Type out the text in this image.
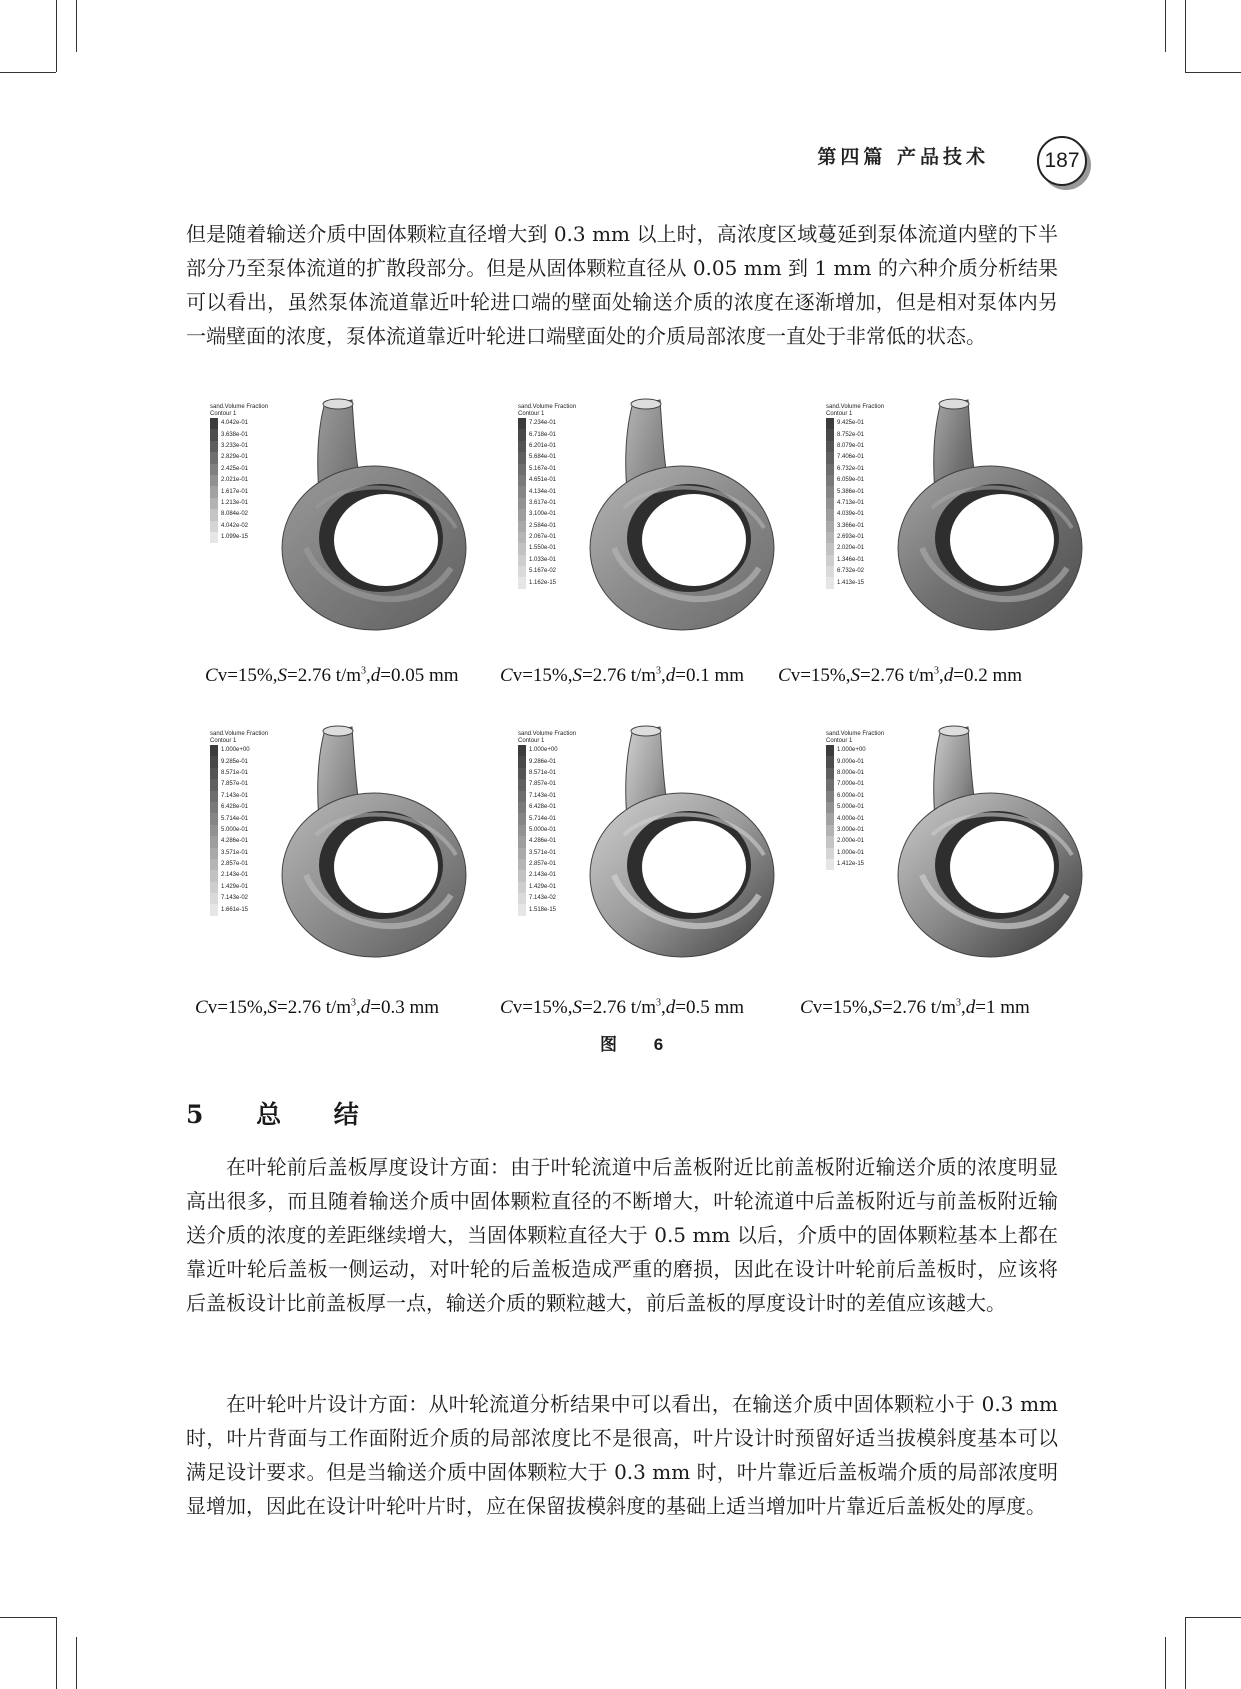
第四篇 产品技术	187

但是随着输送介质中固体颗粒直径增大到 0.3 mm 以上时，高浓度区域蔓延到泵体流道内壁的下半部分乃至泵体流道的扩散段部分。但是从固体颗粒直径从 0.05 mm 到 1 mm 的六种介质分析结果可以看出，虽然泵体流道靠近叶轮进口端的壁面处输送介质的浓度在逐渐增加，但是相对泵体内另一端壁面的浓度，泵体流道靠近叶轮进口端壁面处的介质局部浓度一直处于非常低的状态。

sand.Volume Fraction
Contour 1
4.042e-01
3.638e-01
3.233e-01
2.829e-01
2.425e-01
2.021e-01
1.617e-01
1.213e-01
8.084e-02
4.042e-02
1.099e-15
Cv=15%,S=2.76 $t/m^3,d=0.05$ mm
sand.Volume Fraction
Contour 1
7.234e-01
6.718e-01
6.201e-01
5.684e-01
5.167e-01
4.651e-01
4.134e-01
3.617e-01
3.100e-01
2.584e-01
2.067e-01
1.550e-01
1.033e-01
5.167e-02
1.162e-15
Cv=15%,S=2.76 $t/m^3,d=0.1$ mm
sand.Volume Fraction
Contour 1
9.425e-01
8.752e-01
8.079e-01
7.406e-01
6.732e-01
6.059e-01
5.386e-01
4.713e-01
4.039e-01
3.366e-01
2.693e-01
2.020e-01
1.346e-01
6.732e-02
1.413e-15
Cv=15%,S=2.76 $t/m^3,d=0.2$ mm
sand.Volume Fraction
Contour 1
1.000e+00
9.285e-01
8.571e-01
7.857e-01
7.143e-01
6.428e-01
5.714e-01
5.000e-01
4.286e-01
3.571e-01
2.857e-01
2.143e-01
1.429e-01
7.143e-02
1.661e-15
Cv=15%,S=2.76 $t/m^3,d=0.3$ mm
sand.Volume Fraction
Contour 1
1.000e+00
9.286e-01
8.571e-01
7.857e-01
7.143e-01
6.428e-01
5.714e-01
5.000e-01
4.286e-01
3.571e-01
2.857e-01
2.143e-01
1.429e-01
7.143e-02
1.518e-15
Cv=15%,S=2.76 $t/m^3,d=0.5$ mm
sand.Volume Fraction
Contour 1
1.000e+00
9.000e-01
8.000e-01
7.000e-01
6.000e-01
5.000e-01
4.000e-01
3.000e-01
2.000e-01
1.000e-01
1.412e-15
Cv=15%,S=2.76 $t/m^3,d=1$ mm
图 6
5 总 结

在叶轮前后盖板厚度设计方面：由于叶轮流道中后盖板附近比前盖板附近输送介质的浓度明显高出很多，而且随着输送介质中固体颗粒直径的不断增大，叶轮流道中后盖板附近与前盖板附近输送介质的浓度的差距继续增大，当固体颗粒直径大于 0.5 mm 以后，介质中的固体颗粒基本上都在靠近叶轮后盖板一侧运动，对叶轮的后盖板造成严重的磨损，因此在设计叶轮前后盖板时，应该将后盖板设计比前盖板厚一点，输送介质的颗粒越大，前后盖板的厚度设计时的差值应该越大。

在叶轮叶片设计方面：从叶轮流道分析结果中可以看出，在输送介质中固体颗粒小于 0.3 mm 时，叶片背面与工作面附近介质的局部浓度比不是很高，叶片设计时预留好适当拔模斜度基本可以满足设计要求。但是当输送介质中固体颗粒大于 0.3 mm 时，叶片靠近后盖板端介质的局部浓度明显增加，因此在设计叶轮叶片时，应在保留拔模斜度的基础上适当增加叶片靠近后盖板处的厚度。
